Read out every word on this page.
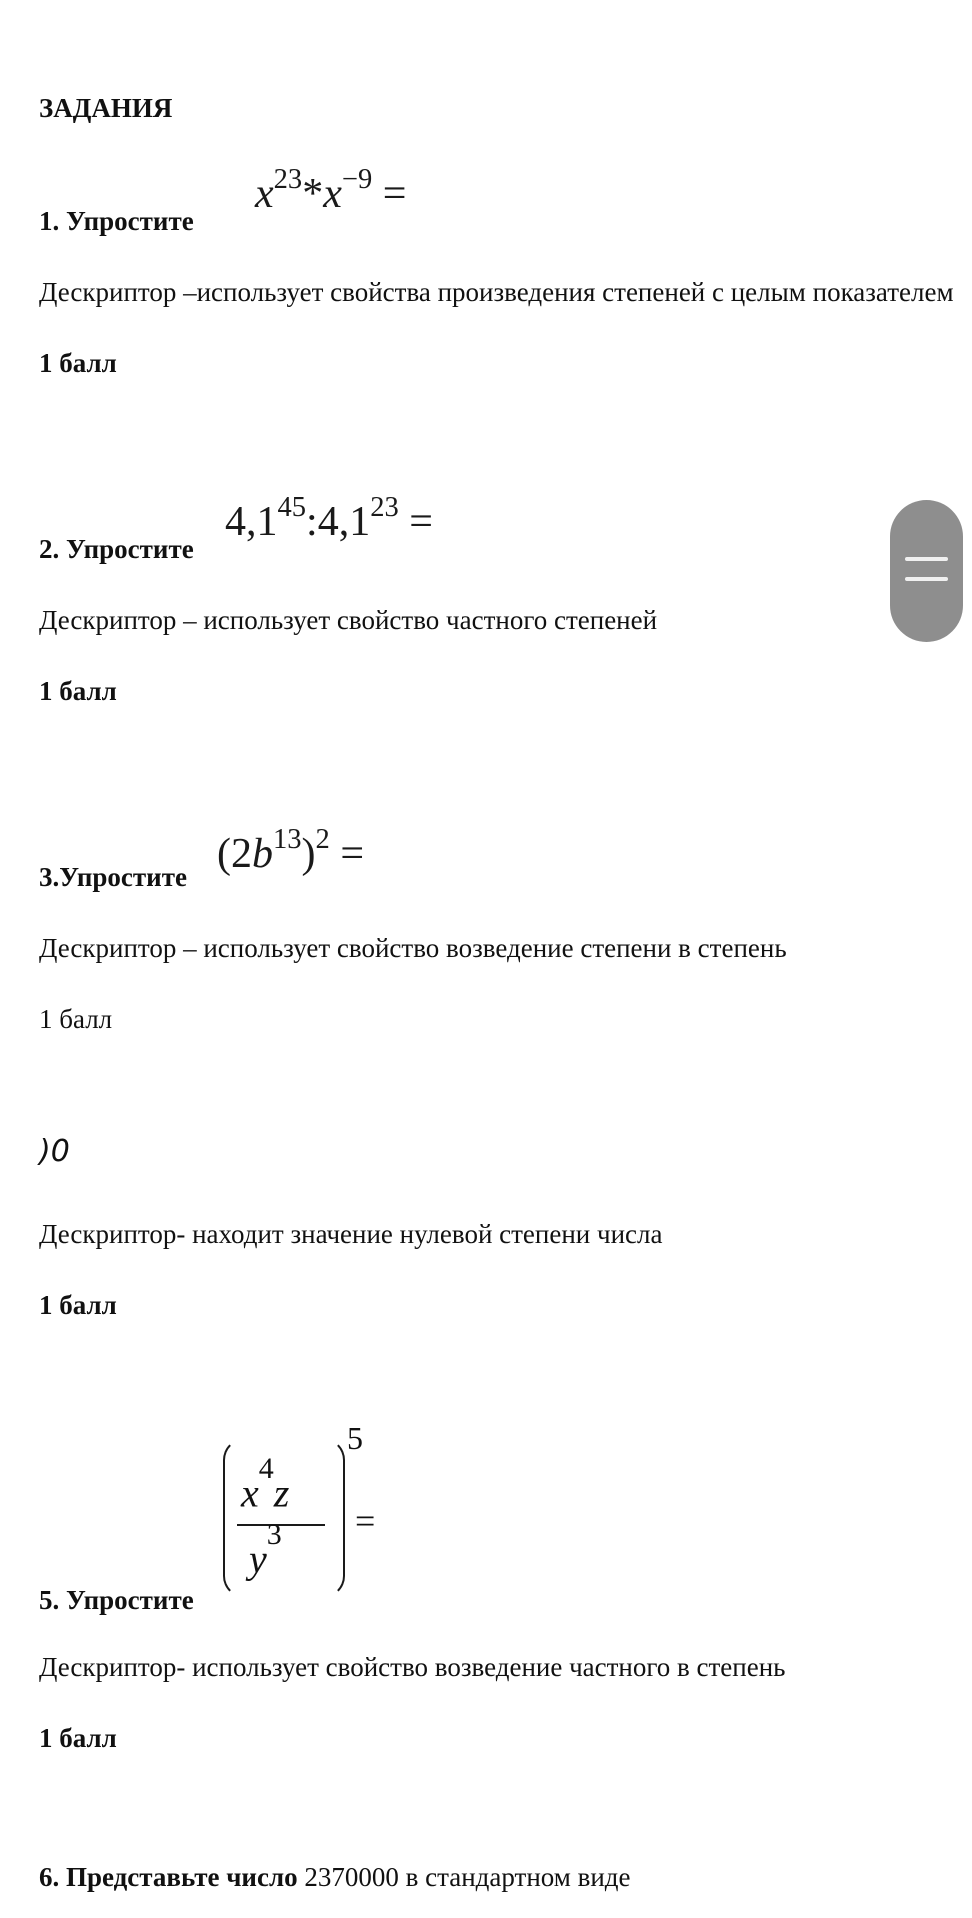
ЗАДАНИЯ
1. Упростите
$x^{23}*x^{-9}$ =
Дескриптор –использует свойства произведения степеней с целым показателем
1 балл
2. Упростите
$4,1^{45}:4,1^{23}$ =
Дескриптор – использует свойство частного степеней
1 балл
3.Упростите $(2b^{13})^2$ =
Дескриптор – использует свойство возведение степени в степень
1 балл
)0
Дескриптор- находит значение нулевой степени числа
1 балл
5. Упростите
$x^4z$
$y^3$
5
=
Дескриптор- использует свойство возведение частного в степень
1 балл
6. Представьте число 2370000 в стандартном виде
